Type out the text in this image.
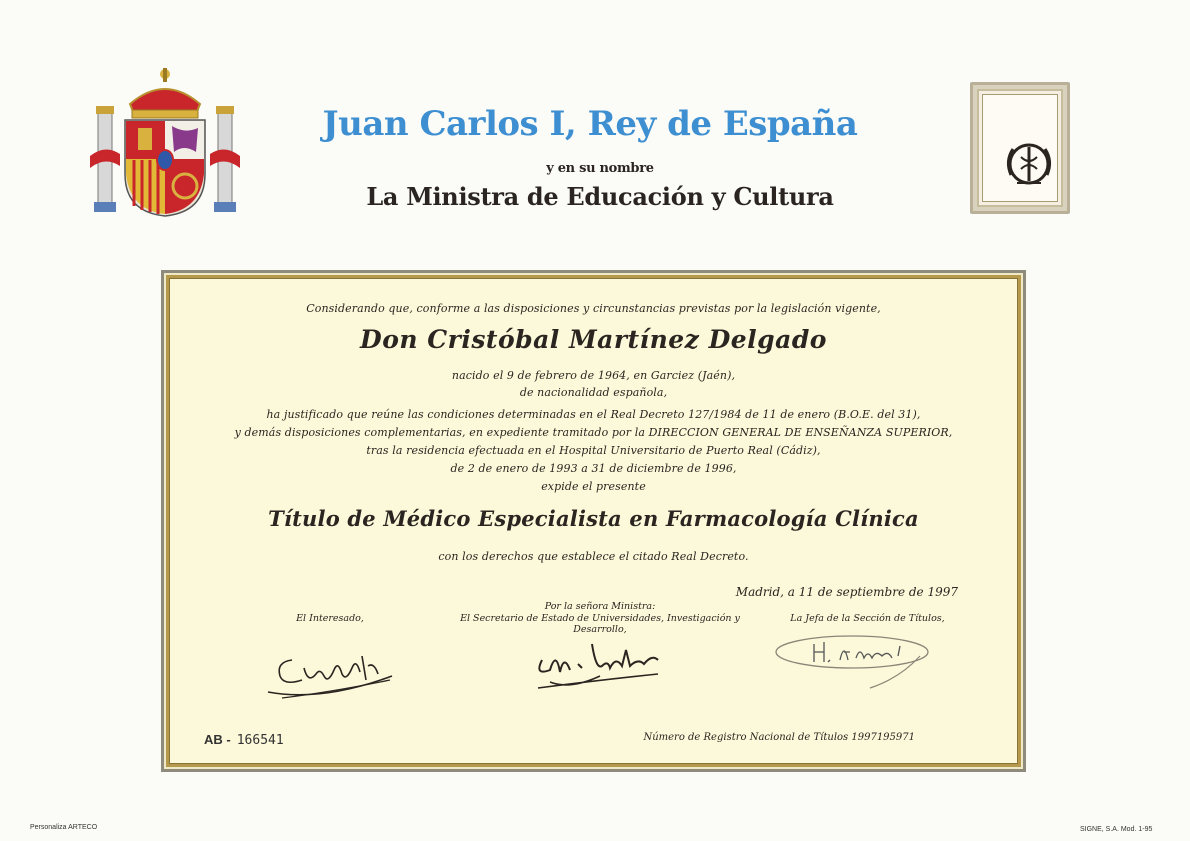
Juan Carlos I, Rey de España
y en su nombre
La Ministra de Educación y Cultura
Considerando que, conforme a las disposiciones y circunstancias previstas por la legislación vigente,
Don Cristóbal Martínez Delgado
nacido el 9 de febrero de 1964, en Garciez (Jaén),
de nacionalidad española,
ha justificado que reúne las condiciones determinadas en el Real Decreto 127/1984 de 11 de enero (B.O.E. del 31),
y demás disposiciones complementarias, en expediente tramitado por la DIRECCION GENERAL DE ENSEÑANZA SUPERIOR,
tras la residencia efectuada en el Hospital Universitario de Puerto Real (Cádiz),
de 2 de enero de 1993 a 31 de diciembre de 1996,
expide el presente
Título de Médico Especialista en Farmacología Clínica
con los derechos que establece el citado Real Decreto.
Madrid, a 11 de septiembre de 1997
El Interesado,
Por la señora Ministra:
El Secretario de Estado de Universidades, Investigación y Desarrollo,
La Jefa de la Sección de Títulos,
AB - 166541	Número de Registro Nacional de Títulos 1997195971
Personaliza ARTECO	SIGNE, S.A. Mod. 1-95
